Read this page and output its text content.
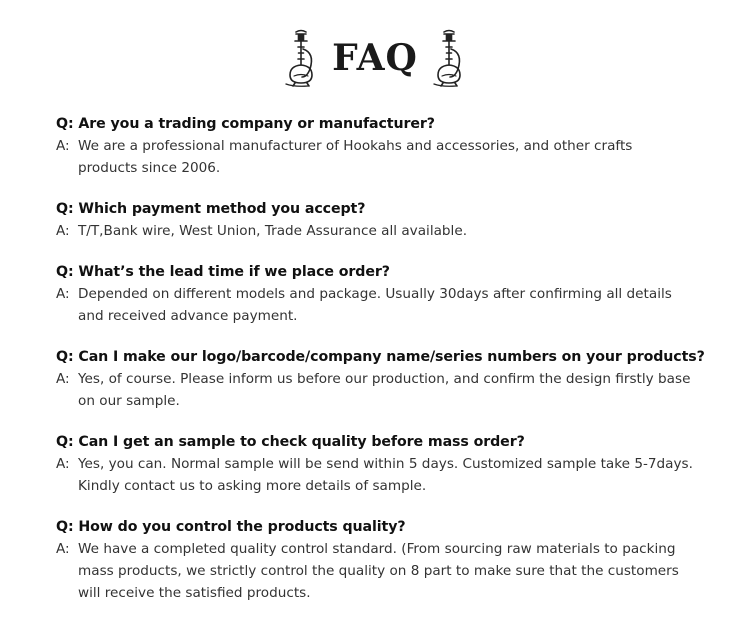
FAQ
Q: Are you a trading company or manufacturer?
A: We are a professional manufacturer of Hookahs and accessories, and other crafts products since 2006.
Q: Which payment method you accept?
A: T/T,Bank wire, West Union, Trade Assurance all available.
Q: What’s the lead time if we place order?
A: Depended on different models and package. Usually 30days after confirming all details and received advance payment.
Q: Can I make our logo/barcode/company name/series numbers on your products?
A: Yes, of course. Please inform us before our production, and confirm the design firstly base on our sample.
Q: Can I get an sample to check quality before mass order?
A: Yes, you can. Normal sample will be send within 5 days. Customized sample take 5-7days. Kindly contact us to asking more details of sample.
Q: How do you control the products quality?
A: We have a completed quality control standard. (From sourcing raw materials to packing mass products, we strictly control the quality on 8 part to make sure that the customers will receive the satisfied products.
